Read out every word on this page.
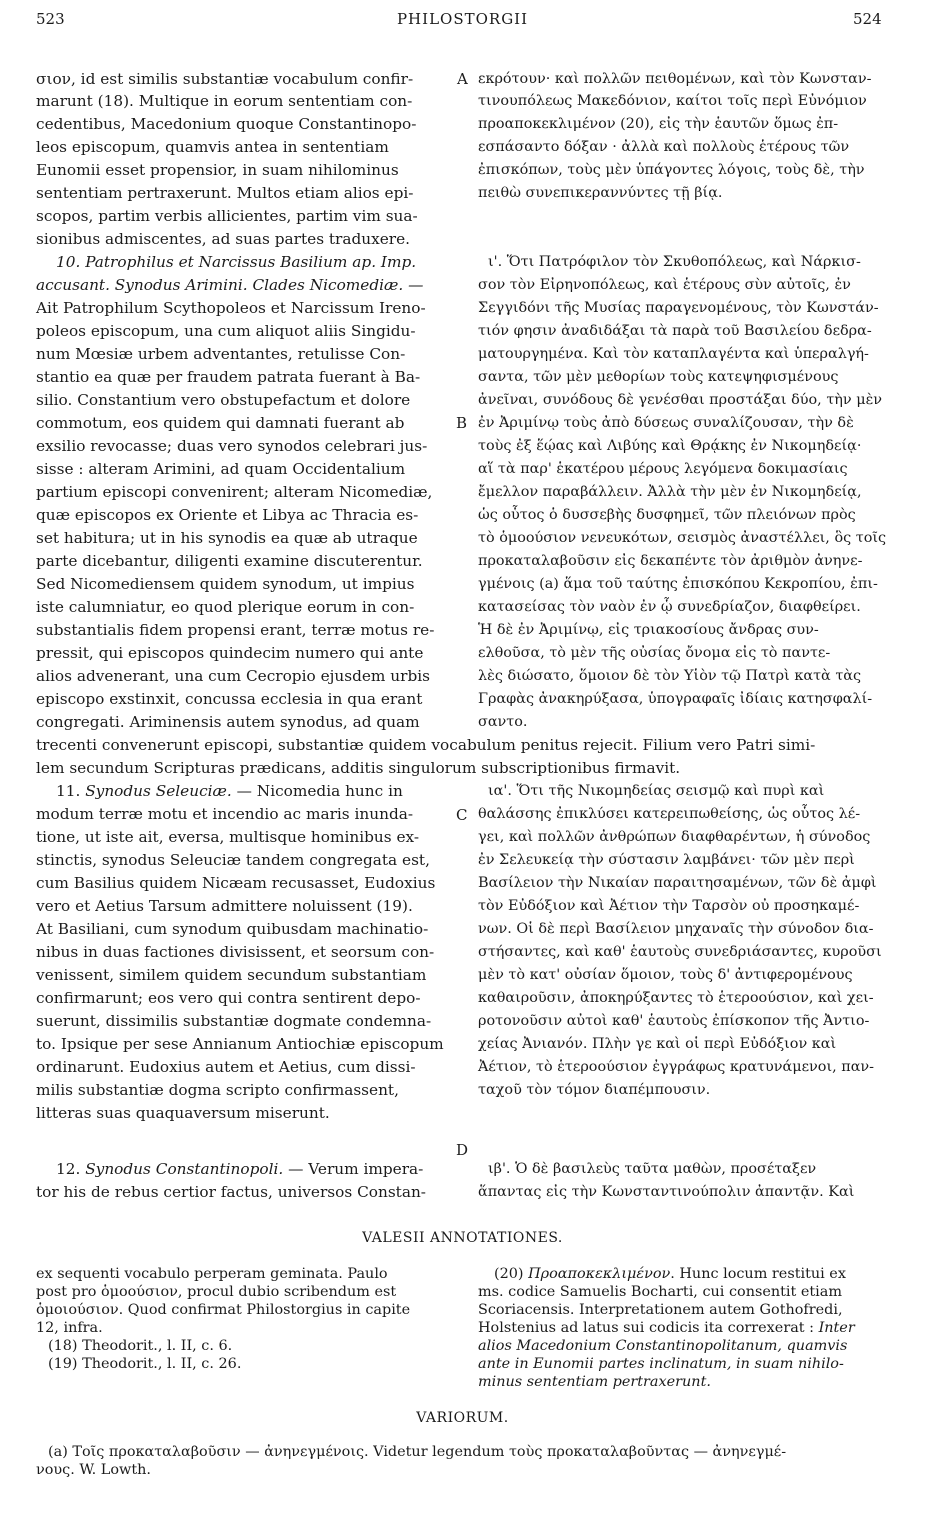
523	PHILOSTORGII	524
σιον, id est similis substantiæ vocabulum confir-
marunt (18). Multique in eorum sententiam con-
cedentibus, Macedonium quoque Constantinopo-
leos episcopum, quamvis antea in sententiam
Eunomii esset propensior, in suam nihilominus
sententiam pertraxerunt. Multos etiam alios epi-
scopos, partim verbis allicientes, partim vim sua-
sionibus admiscentes, ad suas partes traduxere.
10. Patrophilus et Narcissus Basilium ap. Imp.
accusant. Synodus Arimini. Clades Nicomediæ. —
Ait Patrophilum Scythopoleos et Narcissum Ireno-
poleos episcopum, una cum aliquot aliis Singidu-
num Mœsiæ urbem adventantes, retulisse Con-
stantio ea quæ per fraudem patrata fuerant à Ba-
silio. Constantium vero obstupefactum et dolore
commotum, eos quidem qui damnati fuerant ab
exsilio revocasse; duas vero synodos celebrari jus-
sisse : alteram Arimini, ad quam Occidentalium
partium episcopi convenirent; alteram Nicomediæ,
quæ episcopos ex Oriente et Libya ac Thracia es-
set habitura; ut in his synodis ea quæ ab utraque
parte dicebantur, diligenti examine discuterentur.
Sed Nicomediensem quidem synodum, ut impius
iste calumniatur, eo quod plerique eorum in con-
substantialis fidem propensi erant, terræ motus re-
pressit, qui episcopos quindecim numero qui ante
alios advenerant, una cum Cecropio ejusdem urbis
episcopo exstinxit, concussa ecclesia in qua erant
congregati. Ariminensis autem synodus, ad quam
A
B
C
D
εκρότουν· καὶ πολλῶν πειθομένων, καὶ τὸν Κωνσταν-
τινουπόλεως Μακεδόνιον, καίτοι τοῖς περὶ Εὐνόμιον
προαποκεκλιμένον (20), εἰς τὴν ἑαυτῶν ὅμως ἐπ-
εσπάσαντο δόξαν · ἀλλὰ καὶ πολλοὺς ἑτέρους τῶν
ἐπισκόπων, τοὺς μὲν ὑπάγοντες λόγοις, τοὺς δὲ, τὴν
πειθὼ συνεπικεραννύντες τῇ βίᾳ.
ι'. Ὅτι Πατρόφιλον τὸν Σκυθοπόλεως, καὶ Νάρκισ-
σον τὸν Εἰρηνοπόλεως, καὶ ἑτέρους σὺν αὐτοῖς, ἐν
Σεγγιδόνι τῆς Μυσίας παραγενομένους, τὸν Κωνστάν-
τιόν φησιν ἀναδιδάξαι τὰ παρὰ τοῦ Βασιλείου δεδρα-
ματουργημένα. Καὶ τὸν καταπλαγέντα καὶ ὑπεραλγή-
σαντα, τῶν μὲν μεθορίων τοὺς κατεψηφισμένους
ἀνεῖναι, συνόδους δὲ γενέσθαι προστάξαι δύο, τὴν μὲν
ἐν Ἀριμίνῳ τοὺς ἀπὸ δύσεως συναλίζουσαν, τὴν δὲ
τοὺς ἐξ ἕῴας καὶ Λιβύης καὶ Θρᾴκης ἐν Νικομηδείᾳ·
αἵ τὰ παρ' ἑκατέρου μέρους λεγόμενα δοκιμασίαις
ἔμελλον παραβάλλειν. Ἀλλὰ τὴν μὲν ἐν Νικομηδείᾳ,
ὡς οὗτος ὁ δυσσεβὴς δυσφημεῖ, τῶν πλειόνων πρὸς
τὸ ὁμοούσιον νενευκότων, σεισμὸς ἀναστέλλει, ὃς τοῖς
προκαταλαβοῦσιν εἰς δεκαπέντε τὸν ἀριθμὸν ἀνηνε-
γμένοις (a) ἅμα τοῦ ταύτης ἐπισκόπου Κεκροπίου, ἐπι-
κατασείσας τὸν ναὸν ἐν ᾧ συνεδρίαζον, διαφθείρει.
Ἡ δὲ ἐν Ἀριμίνῳ, εἰς τριακοσίους ἄνδρας συν-
ελθοῦσα, τὸ μὲν τῆς οὐσίας ὄνομα εἰς τὸ παντε-
λὲς διώσατο, ὅμοιον δὲ τὸν Υἱὸν τῷ Πατρὶ κατὰ τὰς
Γραφὰς ἀνακηρύξασα, ὑπογραφαῖς ἰδίαις κατησφαλί-
σαντο.
trecenti convenerunt episcopi, substantiæ quidem vocabulum penitus rejecit. Filium vero Patri simi-
lem secundum Scripturas prædicans, additis singulorum subscriptionibus firmavit.
11. Synodus Seleuciæ. — Nicomedia hunc in
modum terræ motu et incendio ac maris inunda-
tione, ut iste ait, eversa, multisque hominibus ex-
stinctis, synodus Seleuciæ tandem congregata est,
cum Basilius quidem Nicæam recusasset, Eudoxius
vero et Aetius Tarsum admittere noluissent (19).
At Basiliani, cum synodum quibusdam machinatio-
nibus in duas factiones divisissent, et seorsum con-
venissent, similem quidem secundum substantiam
confirmarunt; eos vero qui contra sentirent depo-
suerunt, dissimilis substantiæ dogmate condemna-
to. Ipsique per sese Annianum Antiochiæ episcopum
ordinarunt. Eudoxius autem et Aetius, cum dissi-
milis substantiæ dogma scripto confirmassent,
litteras suas quaquaversum miserunt.
12. Synodus Constantinopoli. — Verum impera-
tor his de rebus certior factus, universos Constan-
ια'. Ὅτι τῆς Νικομηδείας σεισμῷ καὶ πυρὶ καὶ
θαλάσσης ἐπικλύσει κατερειπωθείσης, ὡς οὗτος λέ-
γει, καὶ πολλῶν ἀνθρώπων διαφθαρέντων, ἡ σύνοδος
ἐν Σελευκείᾳ τὴν σύστασιν λαμβάνει· τῶν μὲν περὶ
Βασίλειον τὴν Νικαίαν παραιτησαμένων, τῶν δὲ ἀμφὶ
τὸν Εὐδόξιον καὶ Ἀέτιον τὴν Ταρσὸν οὐ προσηκαμέ-
νων. Οἱ δὲ περὶ Βασίλειον μηχαναῖς τὴν σύνοδον δια-
στήσαντες, καὶ καθ' ἑαυτοὺς συνεδριάσαντες, κυροῦσι
μὲν τὸ κατ' οὐσίαν ὅμοιον, τοὺς δ' ἀντιφερομένους
καθαιροῦσιν, ἀποκηρύξαντες τὸ ἑτεροούσιον, καὶ χει-
ροτονοῦσιν αὐτοὶ καθ' ἑαυτοὺς ἐπίσκοπον τῆς Ἀντιο-
χείας Ἀνιανόν. Πλὴν γε καὶ οἱ περὶ Εὐδόξιον καὶ
Ἀέτιον, τὸ ἑτεροούσιον ἐγγράφως κρατυνάμενοι, παν-
ταχοῦ τὸν τόμον διαπέμπουσιν.
ιβ'. Ὁ δὲ βασιλεὺς ταῦτα μαθὼν, προσέταξεν
ἅπαντας εἰς τὴν Κωνσταντινούπολιν ἀπαντᾷν. Καὶ
VALESII ANNOTATIONES.
ex sequenti vocabulo perperam geminata. Paulo
post pro ὁμοούσιον, procul dubio scribendum est
ὁμοιούσιον. Quod confirmat Philostorgius in capite
12, infra.
(18) Theodorit., l. II, c. 6.
(19) Theodorit., l. II, c. 26.
(20) Προαποκεκλιμένον. Hunc locum restitui ex
ms. codice Samuelis Bocharti, cui consentit etiam
Scoriacensis. Interpretationem autem Gothofredi,
Holstenius ad latus sui codicis ita correxerat : Inter
alios Macedonium Constantinopolitanum, quamvis
ante in Eunomii partes inclinatum, in suam nihilo-
minus sententiam pertraxerunt.
VARIORUM.
(a) Τοῖς προκαταλαβοῦσιν — ἀνηνεγμένοις. Videtur legendum τοὺς προκαταλαβοῦντας — ἀνηνεγμέ-
νους. W. Lowth.
